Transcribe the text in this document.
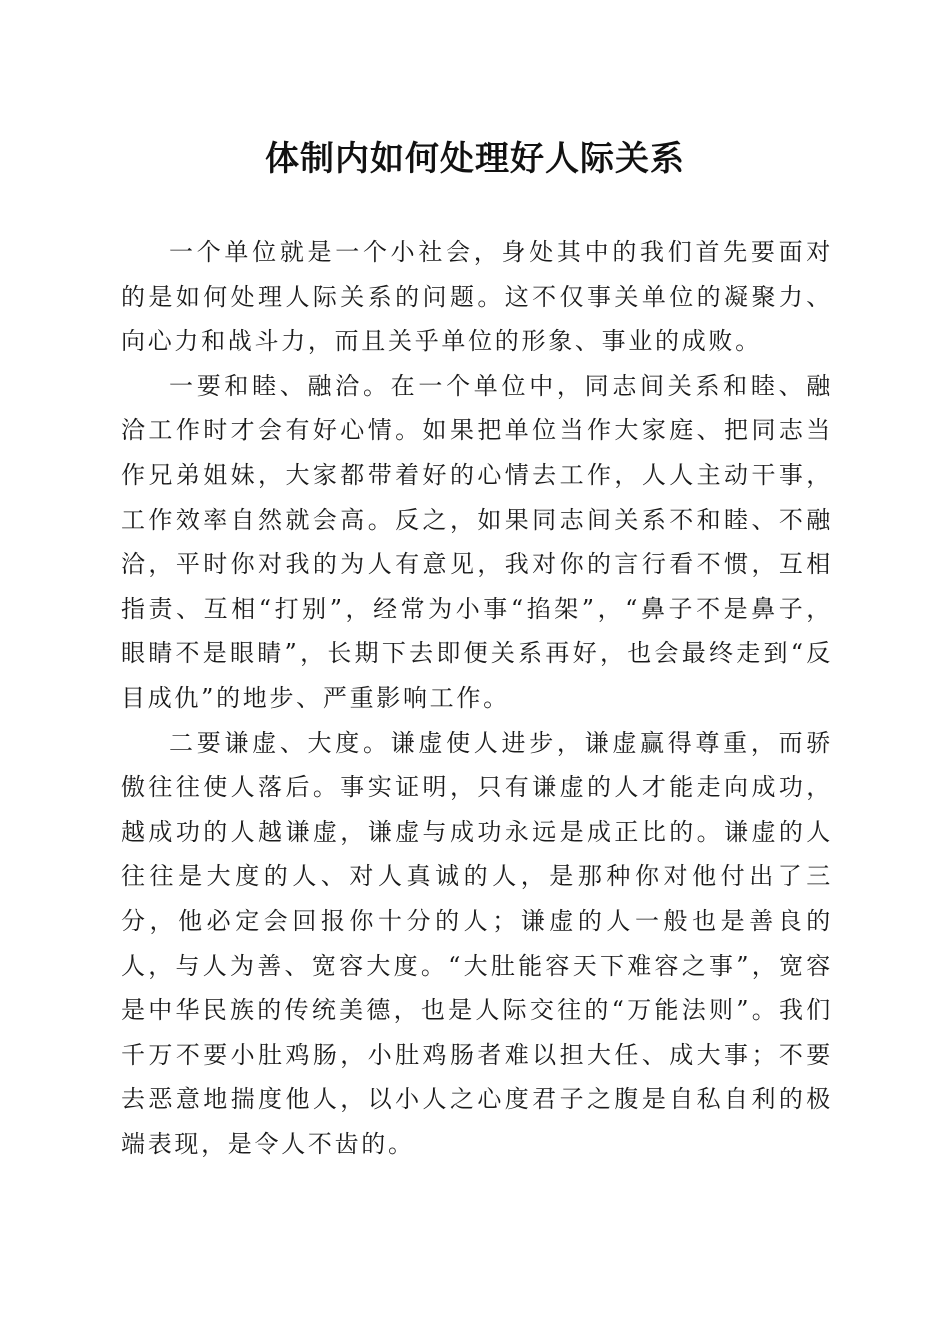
体制内如何处理好人际关系

一个单位就是一个小社会，身处其中的我们首先要面对的是如何处理人际关系的问题。这不仅事关单位的凝聚力、向心力和战斗力，而且关乎单位的形象、事业的成败。

一要和睦、融洽。在一个单位中，同志间关系和睦、融洽工作时才会有好心情。如果把单位当作大家庭、把同志当作兄弟姐妹，大家都带着好的心情去工作，人人主动干事，工作效率自然就会高。反之，如果同志间关系不和睦、不融洽，平时你对我的为人有意见，我对你的言行看不惯，互相指责、互相“打别”，经常为小事“掐架”，“鼻子不是鼻子，眼睛不是眼睛”，长期下去即便关系再好，也会最终走到“反目成仇”的地步、严重影响工作。

二要谦虚、大度。谦虚使人进步，谦虚赢得尊重，而骄傲往往使人落后。事实证明，只有谦虚的人才能走向成功，越成功的人越谦虚，谦虚与成功永远是成正比的。谦虚的人往往是大度的人、对人真诚的人，是那种你对他付出了三分，他必定会回报你十分的人；谦虚的人一般也是善良的人，与人为善、宽容大度。“大肚能容天下难容之事”，宽容是中华民族的传统美德，也是人际交往的“万能法则”。我们千万不要小肚鸡肠，小肚鸡肠者难以担大任、成大事；不要去恶意地揣度他人，以小人之心度君子之腹是自私自利的极端表现，是令人不齿的。
